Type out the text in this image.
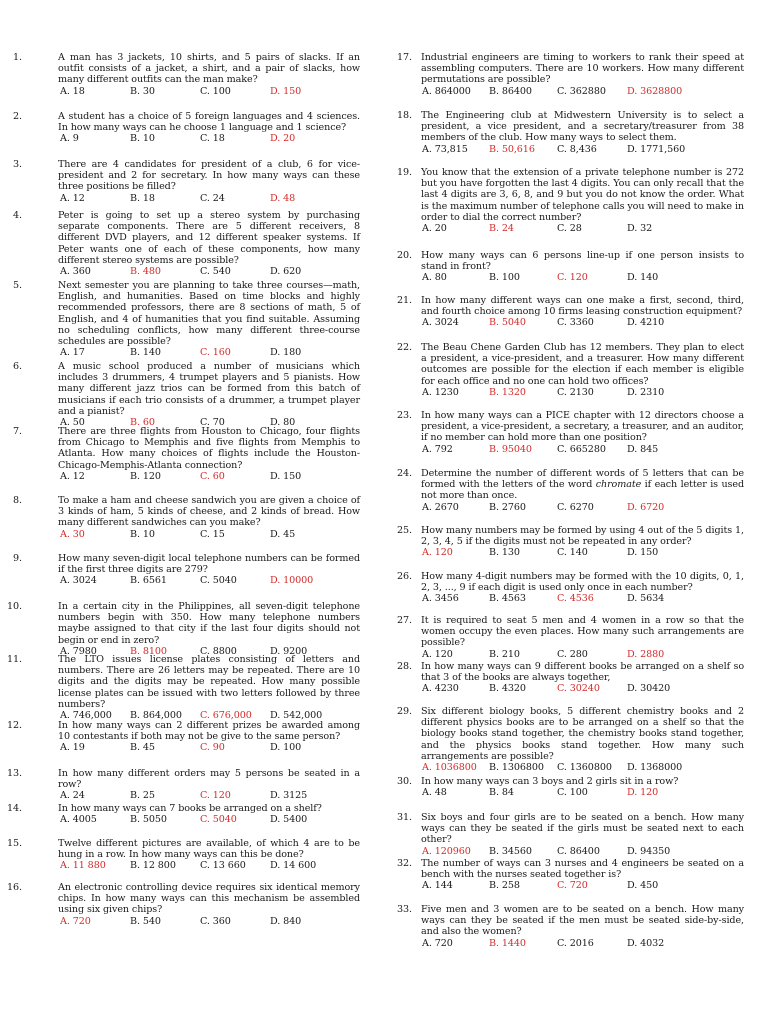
1.	A man has 3 jackets, 10 shirts, and 5 pairs of slacks. If an outfit consists of a jacket, a shirt, and a pair of slacks, how many different outfits can the man make?
A. 18	B. 30	C. 100	D. 150
2.	A student has a choice of 5 foreign languages and 4 sciences. In how many ways can he choose 1 language and 1 science?
A. 9	B. 10	C. 18	D. 20
3.	There are 4 candidates for president of a club, 6 for vice-president and 2 for secretary. In how many ways can these three positions be filled?
A. 12	B. 18	C. 24	D. 48
4.	Peter is going to set up a stereo system by purchasing separate components. There are 5 different receivers, 8 different DVD players, and 12 different speaker systems. If Peter wants one of each of these components, how many different stereo systems are possible?
A. 360	B. 480	C. 540	D. 620
5.	Next semester you are planning to take three courses—math, English, and humanities. Based on time blocks and highly recommended professors, there are 8 sections of math, 5 of English, and 4 of humanities that you find suitable. Assuming no scheduling conflicts, how many different three-course schedules are possible?
A. 17	B. 140	C. 160	D. 180
6.	A music school produced a number of musicians which includes 3 drummers, 4 trumpet players and 5 pianists. How many different jazz trios can be formed from this batch of musicians if each trio consists of a drummer, a trumpet player and a pianist?
A. 50	B. 60	C. 70	D. 80
7.	There are three flights from Houston to Chicago, four flights from Chicago to Memphis and five flights from Memphis to Atlanta. How many choices of flights include the Houston-Chicago-Memphis-Atlanta connection?
A. 12	B. 120	C. 60	D. 150
8.	To make a ham and cheese sandwich you are given a choice of 3 kinds of ham, 5 kinds of cheese, and 2 kinds of bread. How many different sandwiches can you make?
A. 30	B. 10	C. 15	D. 45
9.	How many seven-digit local telephone numbers can be formed if the first three digits are 279?
A. 3024	B. 6561	C. 5040	D. 10000
10.	In a certain city in the Philippines, all seven-digit telephone numbers begin with 350. How many telephone numbers maybe assigned to that city if the last four digits should not begin or end in zero?
A. 7980	B. 8100	C. 8800	D. 9200
11.	The LTO issues license plates consisting of letters and numbers. There are 26 letters may be repeated. There are 10 digits and the digits may be repeated. How many possible license plates can be issued with two letters followed by three numbers?
A. 746,000 B. 864,000 C. 676,000 D. 542,000
12.	In how many ways can 2 different prizes be awarded among 10 contestants if both may not be give to the same person?
A. 19	B. 45	C. 90	D. 100
13.	In how many different orders may 5 persons be seated in a row?
A. 24	B. 25	C. 120	D. 3125
14.	In how many ways can 7 books be arranged on a shelf?
A. 4005	B. 5050	C. 5040	D. 5400
15.	Twelve different pictures are available, of which 4 are to be hung in a row. In how many ways can this be done?
A. 11 880	B. 12 800	C. 13 660	D. 14 600
16.	An electronic controlling device requires six identical memory chips. In how many ways can this mechanism be assembled using six given chips?
A. 720	B. 540	C. 360	D. 840
17. Industrial engineers are timing to workers to rank their speed at assembling computers. There are 10 workers. How many different permutations are possible?
A. 864000 B. 86400	C. 362880 D. 3628800
18. The Engineering club at Midwestern University is to select a president, a vice president, and a secretary/treasurer from 38 members of the club. How many ways to select them.
A. 73,815 B. 50,616 C. 8,436	D. 1771,560
19. You know that the extension of a private telephone number is 272 but you have forgotten the last 4 digits. You can only recall that the last 4 digits are 3, 6, 8, and 9 but you do not know the order. What is the maximum number of telephone calls you will need to make in order to dial the correct number?
A. 20	B. 24	C. 28	D. 32
20. How many ways can 6 persons line-up if one person insists to stand in front?
A. 80	B. 100	C. 120	D. 140
21. In how many different ways can one make a first, second, third, and fourth choice among 10 firms leasing construction equipment?
A. 3024	B. 5040	C. 3360	D. 4210
22. The Beau Chene Garden Club has 12 members. They plan to elect a president, a vice-president, and a treasurer. How many different outcomes are possible for the election if each member is eligible for each office and no one can hold two offices?
A. 1230	B. 1320	C. 2130	D. 2310
23. In how many ways can a PICE chapter with 12 directors choose a president, a vice-president, a secretary, a treasurer, and an auditor, if no member can hold more than one position?
A. 792	B. 95040	C. 665280 D. 845
24. Determine the number of different words of 5 letters that can be formed with the letters of the word chromate if each letter is used not more than once.
A. 2670	B. 2760	C. 6270	D. 6720
25. How many numbers may be formed by using 4 out of the 5 digits 1, 2, 3, 4, 5 if the digits must not be repeated in any order?
A. 120	B. 130	C. 140	D. 150
26. How many 4-digit numbers may be formed with the 10 digits, 0, 1, 2, 3, ..., 9 if each digit is used only once in each number?
A. 3456	B. 4563	C. 4536	D. 5634
27. It is required to seat 5 men and 4 women in a row so that the women occupy the even places. How many such arrangements are possible?
A. 120	B. 210	C. 280	D. 2880
28. In how many ways can 9 different books be arranged on a shelf so that 3 of the books are always together,
A. 4230	B. 4320	C. 30240	D. 30420
29. Six different biology books, 5 different chemistry books and 2 different physics books are to be arranged on a shelf so that the biology books stand together, the chemistry books stand together, and the physics books stand together. How many such arrangements are possible?
A. 1036800 B. 1306800 C. 1360800 D. 1368000
30. In how many ways can 3 boys and 2 girls sit in a row?
A. 48	B. 84	C. 100	D. 120
31. Six boys and four girls are to be seated on a bench. How many ways can they be seated if the girls must be seated next to each other?
A. 120960 B. 34560	C. 86400	D. 94350
32. The number of ways can 3 nurses and 4 engineers be seated on a bench with the nurses seated together is?
A. 144	B. 258	C. 720	D. 450
33. Five men and 3 women are to be seated on a bench. How many ways can they be seated if the men must be seated side-by-side, and also the women?
A. 720	B. 1440	C. 2016	D. 4032
